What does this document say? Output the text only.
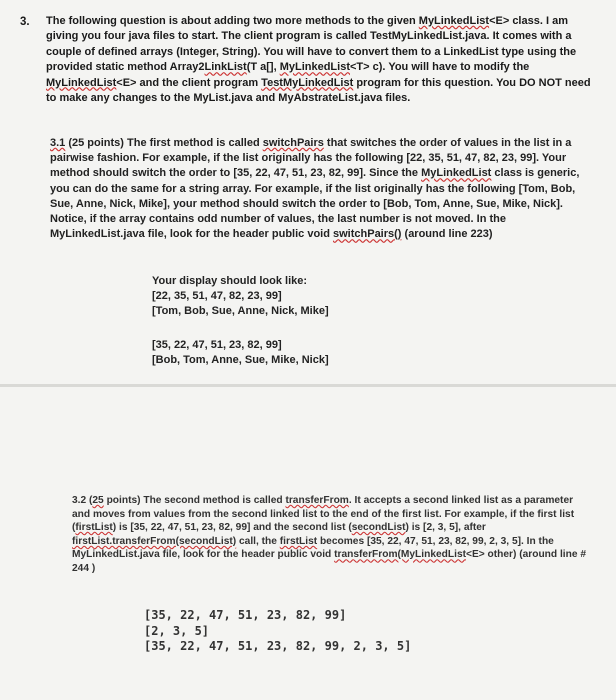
3. The following question is about adding two more methods to the given MyLinkedList<E> class. I am giving you four java files to start. The client program is called TestMyLinkedList.java. It comes with a couple of defined arrays (Integer, String). You will have to convert them to a LinkedList type using the provided static method Array2LinkList(T a[], MyLinkedList<T> c). You will have to modify the MyLinkedList<E> and the client program TestMyLinkedList program for this question. You DO NOT need to make any changes to the MyList.java and MyAbstrateList.java files.
3.1 (25 points) The first method is called switchPairs that switches the order of values in the list in a pairwise fashion. For example, if the list originally has the following [22, 35, 51, 47, 82, 23, 99]. Your method should switch the order to [35, 22, 47, 51, 23, 82, 99]. Since the MyLinkedList class is generic, you can do the same for a string array. For example, if the list originally has the following [Tom, Bob, Sue, Anne, Nick, Mike], your method should switch the order to [Bob, Tom, Anne, Sue, Mike, Nick]. Notice, if the array contains odd number of values, the last number is not moved. In the MyLinkedList.java file, look for the header public void switchPairs() (around line 223)
Your display should look like:
[22, 35, 51, 47, 82, 23, 99]
[Tom, Bob, Sue, Anne, Nick, Mike]
[35, 22, 47, 51, 23, 82, 99]
[Bob, Tom, Anne, Sue, Mike, Nick]
3.2 (25 points) The second method is called transferFrom. It accepts a second linked list as a parameter and moves from values from the second linked list to the end of the first list. For example, if the first list (firstList) is [35, 22, 47, 51, 23, 82, 99] and the second list (secondList) is [2, 3, 5], after firstList.transferFrom(secondList) call, the firstList becomes [35, 22, 47, 51, 23, 82, 99, 2, 3, 5]. In the MyLinkedList.java file, look for the header public void transferFrom(MyLinkedList<E> other) (around line # 244 )
[35, 22, 47, 51, 23, 82, 99]
[2, 3, 5]
[35, 22, 47, 51, 23, 82, 99, 2, 3, 5]
